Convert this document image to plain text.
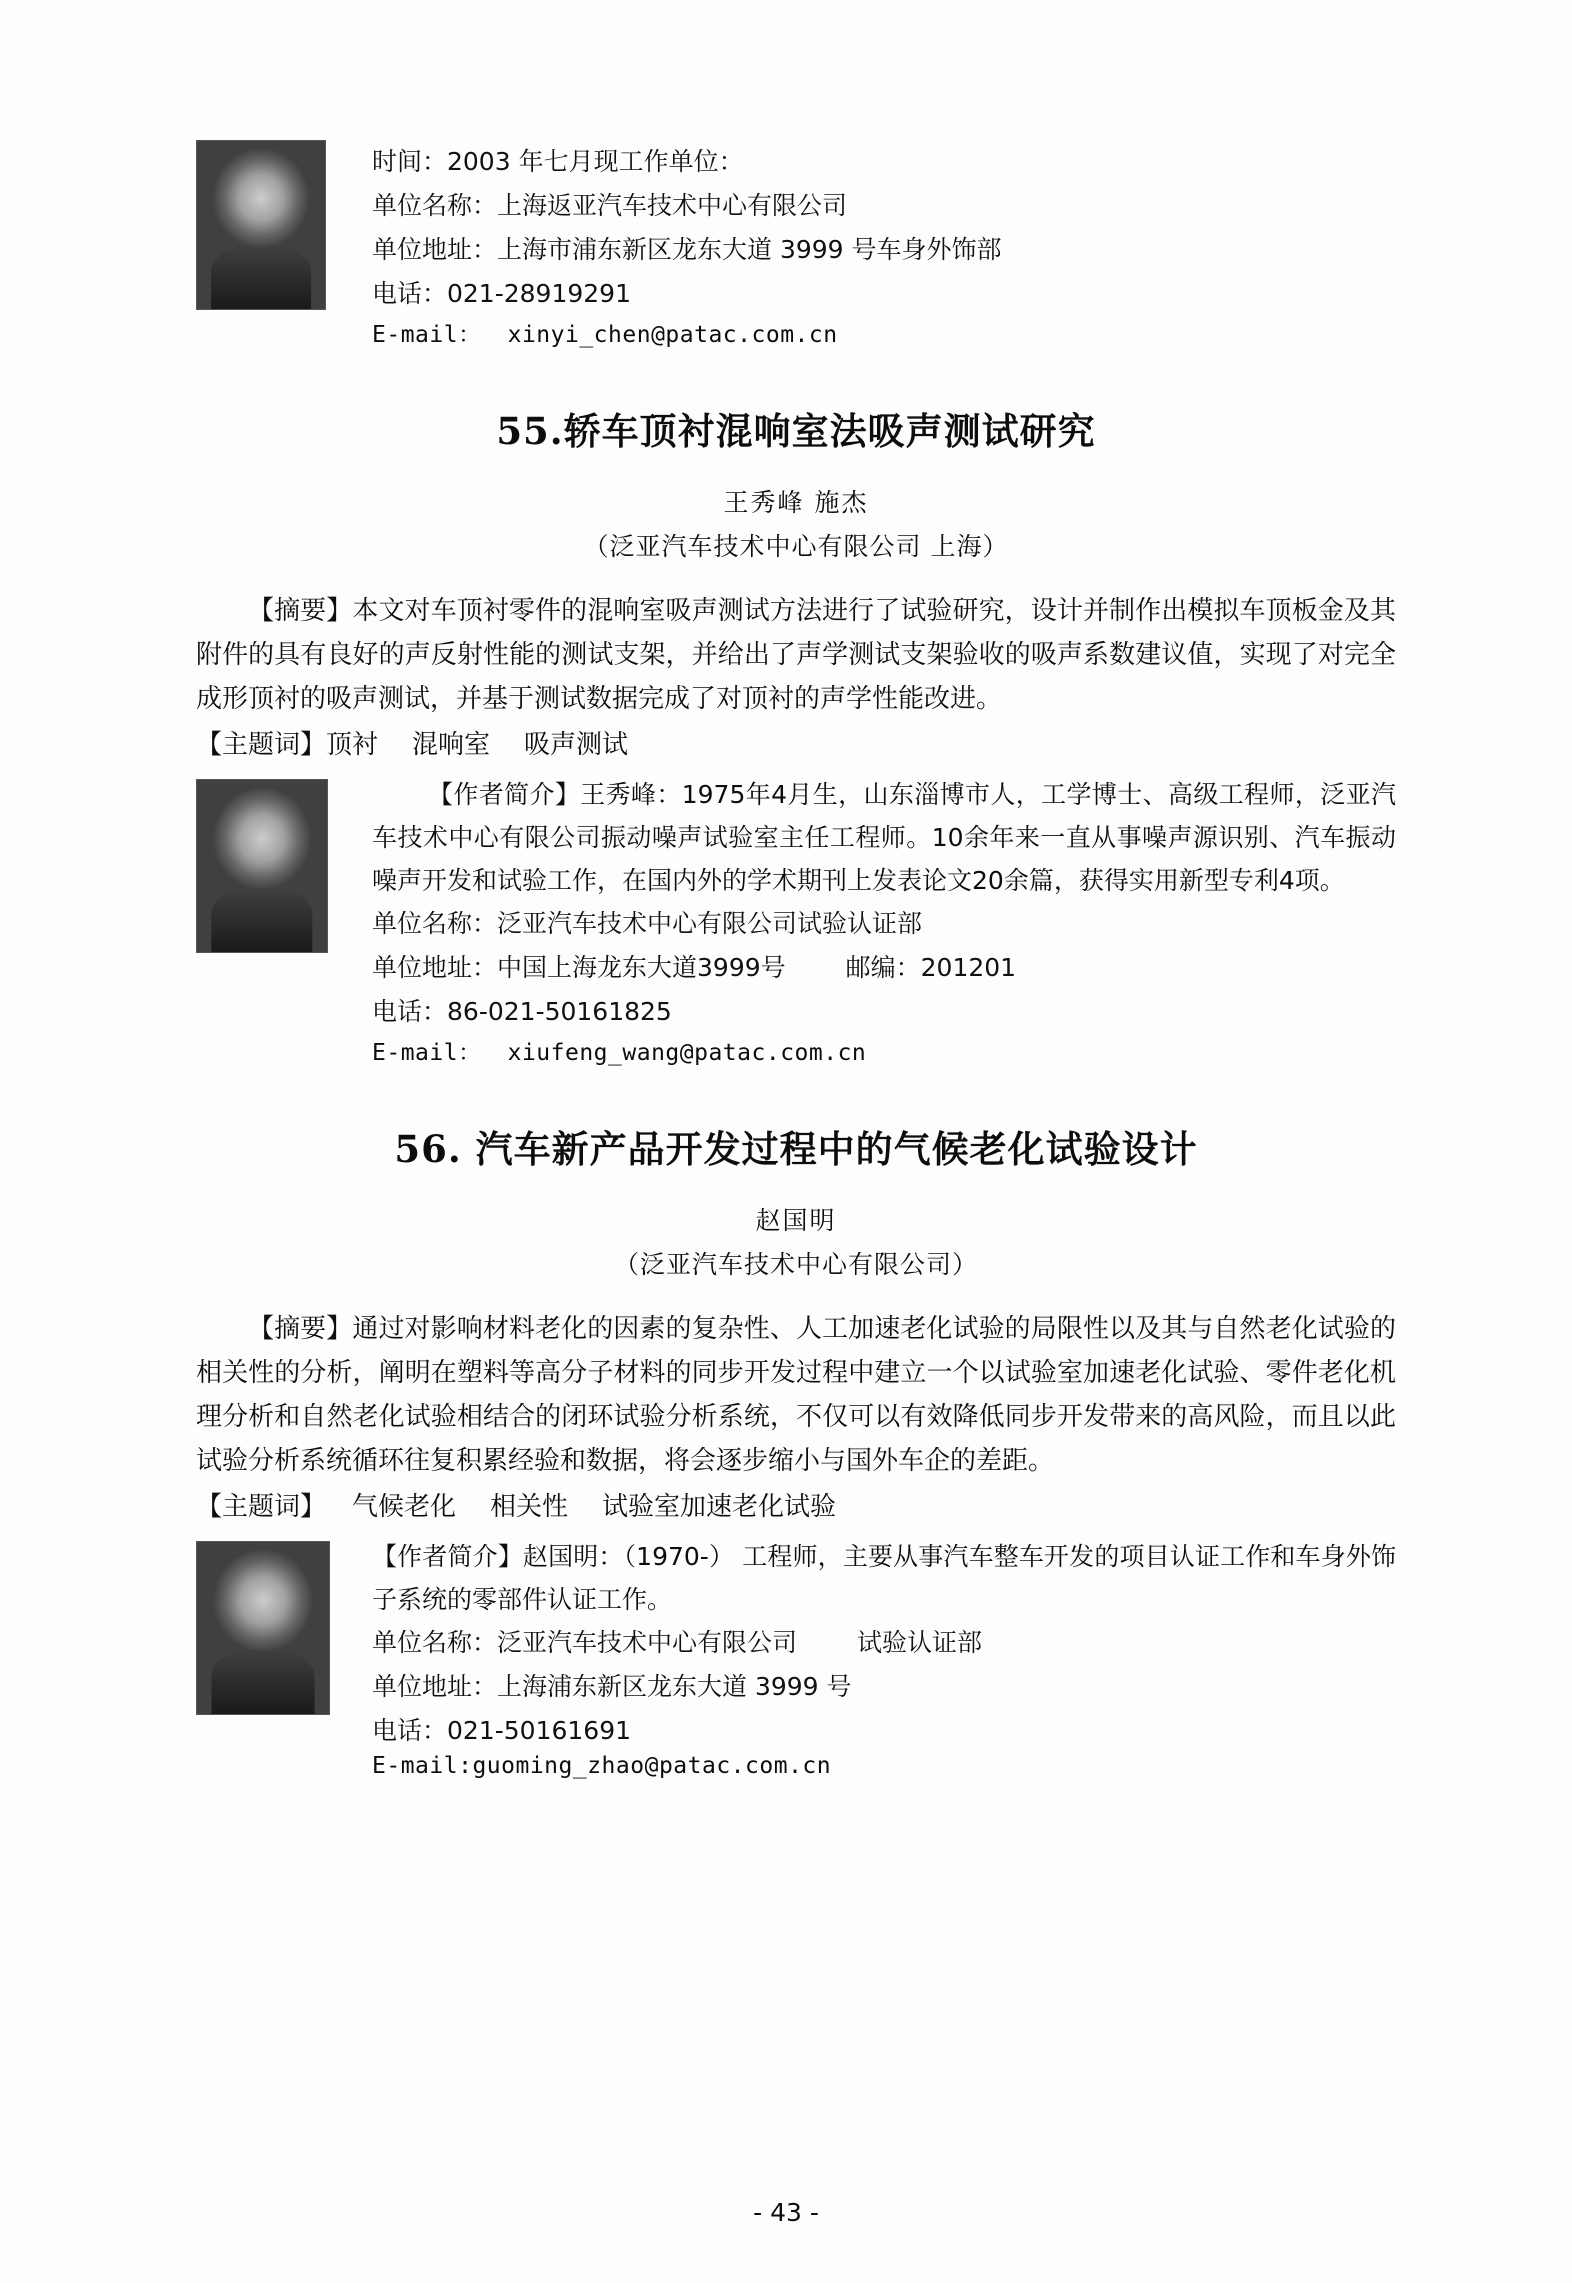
时间：2003 年七月现工作单位：
单位名称：上海返亚汽车技术中心有限公司
单位地址：上海市浦东新区龙东大道 3999 号车身外饰部
电话：021-28919291
E-mail： xinyi_chen@patac.com.cn
55.轿车顶衬混响室法吸声测试研究
王秀峰 施杰
（泛亚汽车技术中心有限公司 上海）
【摘要】本文对车顶衬零件的混响室吸声测试方法进行了试验研究，设计并制作出模拟车顶板金及其附件的具有良好的声反射性能的测试支架，并给出了声学测试支架验收的吸声系数建议值，实现了对完全成形顶衬的吸声测试，并基于测试数据完成了对顶衬的声学性能改进。
【主题词】顶衬 混响室 吸声测试
【作者简介】王秀峰：1975年4月生，山东淄博市人，工学博士、高级工程师，泛亚汽车技术中心有限公司振动噪声试验室主任工程师。10余年来一直从事噪声源识别、汽车振动噪声开发和试验工作，在国内外的学术期刊上发表论文20余篇，获得实用新型专利4项。
单位名称：泛亚汽车技术中心有限公司试验认证部
单位地址：中国上海龙东大道3999号 邮编：201201
电话：86-021-50161825
E-mail： xiufeng_wang@patac.com.cn
56. 汽车新产品开发过程中的气候老化试验设计
赵国明
（泛亚汽车技术中心有限公司）
【摘要】通过对影响材料老化的因素的复杂性、人工加速老化试验的局限性以及其与自然老化试验的相关性的分析，阐明在塑料等高分子材料的同步开发过程中建立一个以试验室加速老化试验、零件老化机理分析和自然老化试验相结合的闭环试验分析系统，不仅可以有效降低同步开发带来的高风险，而且以此试验分析系统循环往复积累经验和数据，将会逐步缩小与国外车企的差距。
【主题词】 气候老化 相关性 试验室加速老化试验
【作者简介】赵国明：（1970-） 工程师，主要从事汽车整车开发的项目认证工作和车身外饰子系统的零部件认证工作。
单位名称：泛亚汽车技术中心有限公司 试验认证部
单位地址：上海浦东新区龙东大道 3999 号
电话：021-50161691
E-mail:guoming_zhao@patac.com.cn
- 43 -
